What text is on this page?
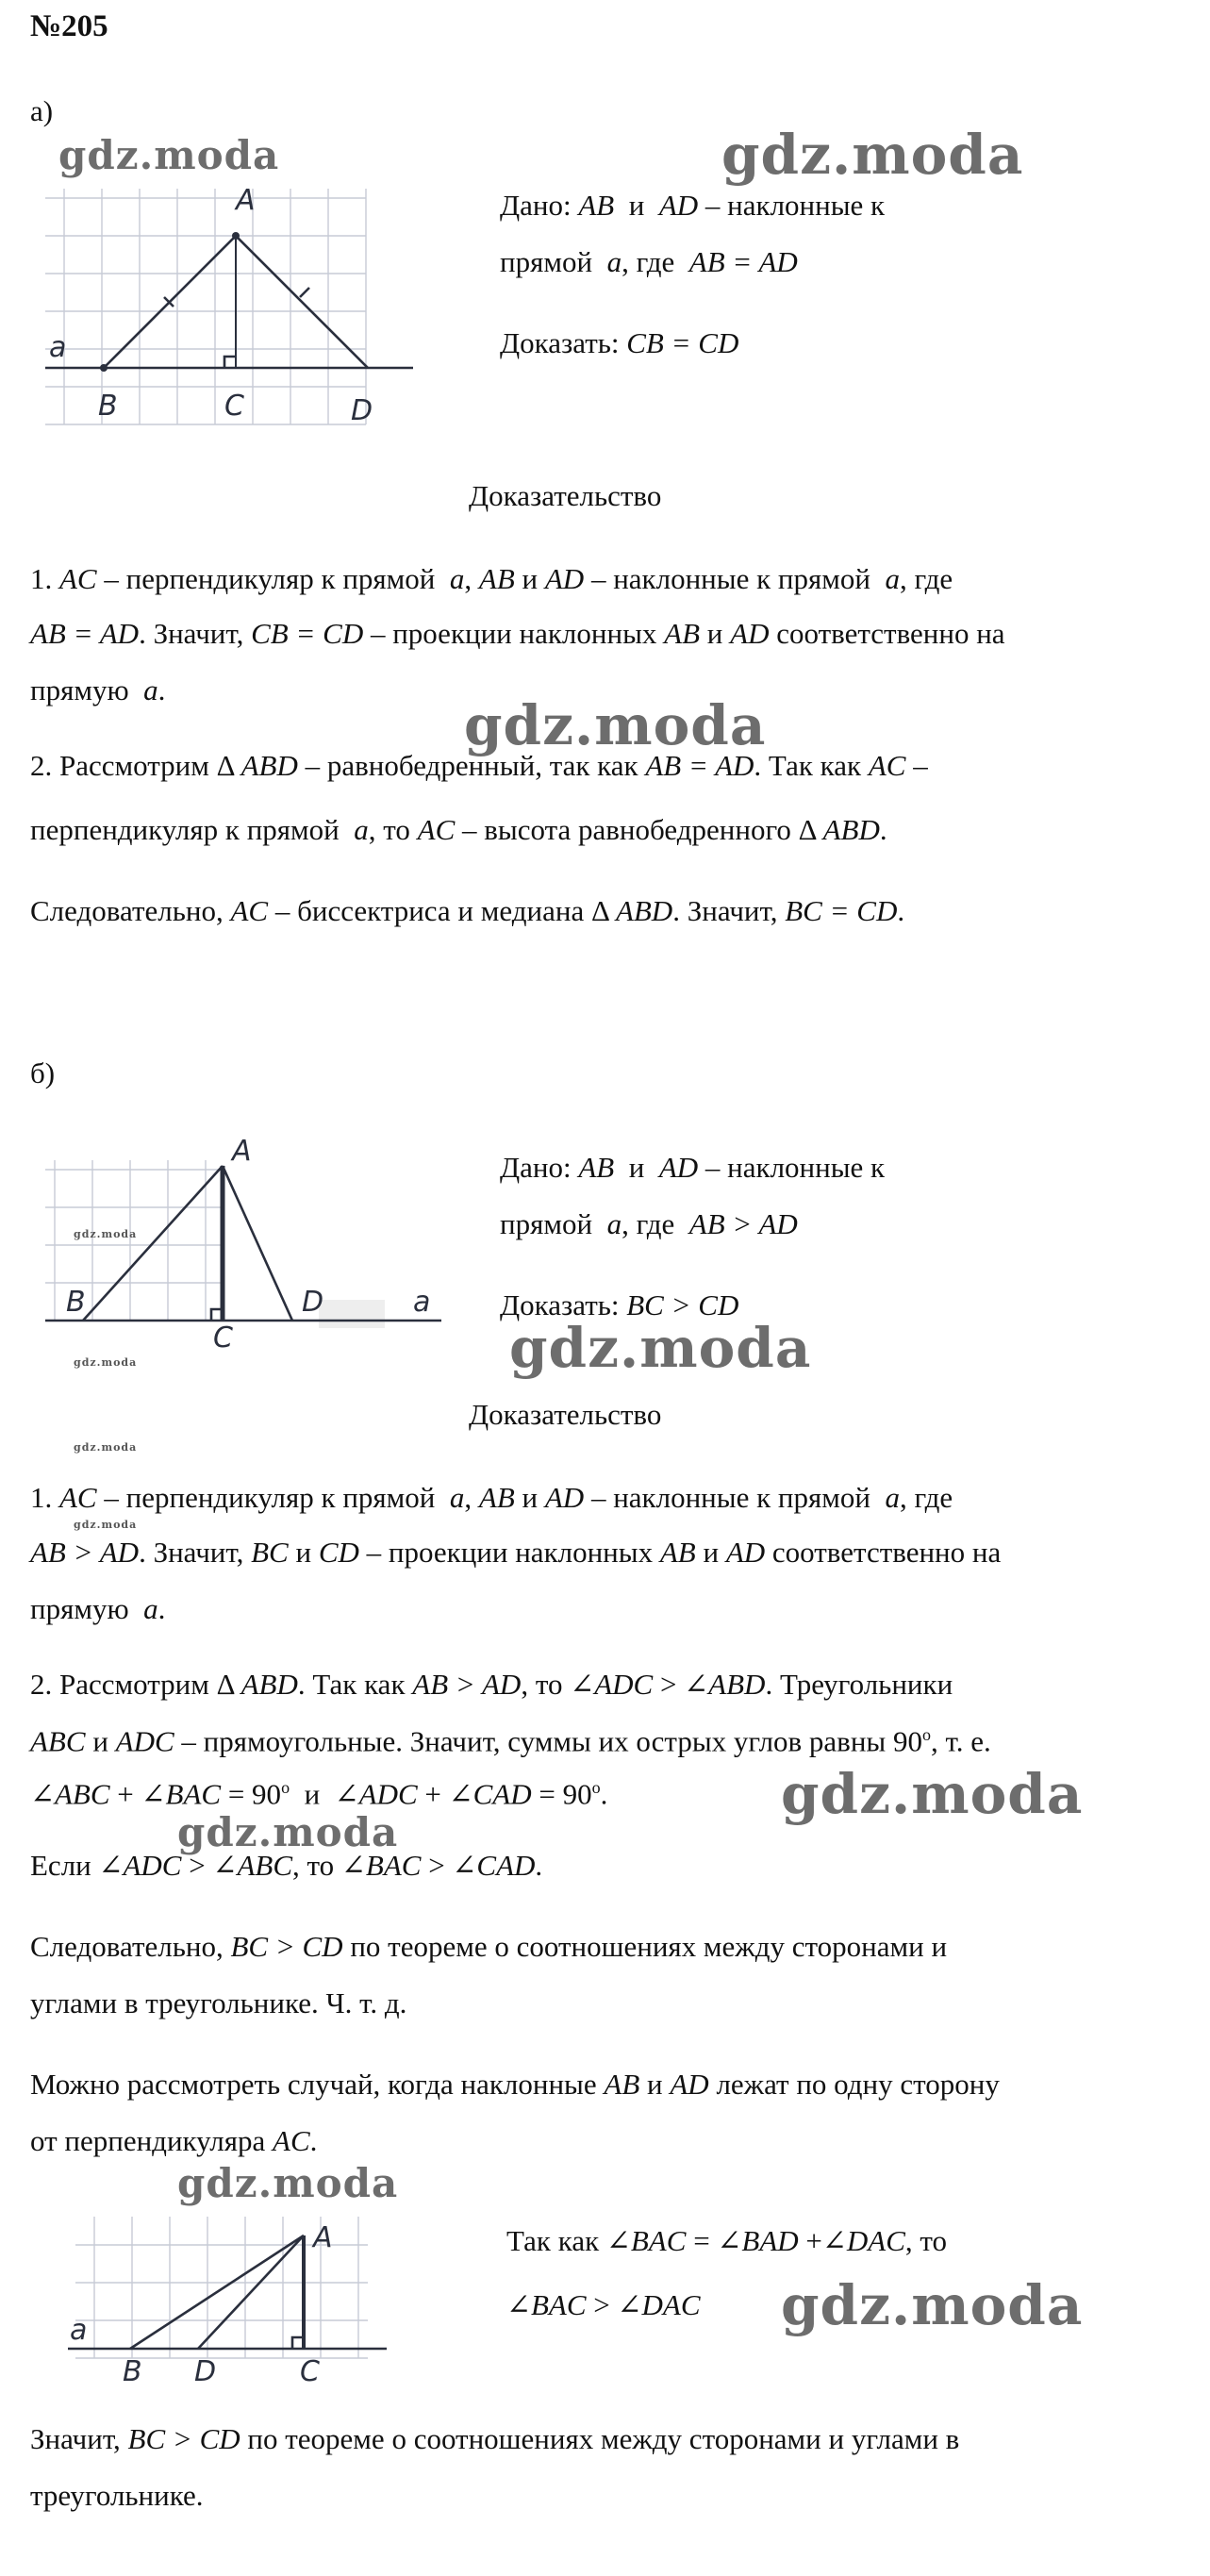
№205
а)
gdz.moda	gdz.moda
a
A
B	C	D
Дано: AB и AD – наклонные к
прямой a, где AB = AD
Доказать: CB = CD
Доказательство
1. AC – перпендикуляр к прямой a, AB и AD – наклонные к прямой a, где
AB = AD. Значит, CB = CD – проекции наклонных AB и AD соответственно на
прямую a.
gdz.moda
2. Рассмотрим Δ ABD – равнобедренный, так как AB = AD. Так как AC –
перпендикуляр к прямой a, то AC – высота равнобедренного Δ ABD.
Следовательно, AC – биссектриса и медиана Δ ABD. Значит, BC = CD.
б)
A
B
C
D	a
gdz.moda
gdz.moda
gdz.moda
gdz.moda
Дано: AB и AD – наклонные к
прямой a, где AB > AD
Доказать: BC > CD
gdz.moda
Доказательство
1. AC – перпендикуляр к прямой a, AB и AD – наклонные к прямой a, где
AB > AD. Значит, BC и CD – проекции наклонных AB и AD соответственно на
прямую a.
2. Рассмотрим Δ ABD. Так как AB > AD, то ∠ADC > ∠ABD. Треугольники
ABC и ADC – прямоугольные. Значит, суммы их острых углов равны $90^о$, т. е.
∠ABC + ∠BAC = $90^о$ и ∠ADC + ∠CAD = $90^о$.	gdz.moda
gdz.moda
Если ∠ADC > ∠ABC, то ∠BAC > ∠CAD.
Следовательно, BC > CD по теореме о соотношениях между сторонами и
углами в треугольнике. Ч. т. д.
Можно рассмотреть случай, когда наклонные AB и AD лежат по одну сторону
от перпендикуляра AC.
gdz.moda
a
A
B D	C
Так как ∠BAC = ∠BAD +∠DAC, то
∠BAC > ∠DAC gdz.moda
Значит, BC > CD по теореме о соотношениях между сторонами и углами в
треугольнике.
